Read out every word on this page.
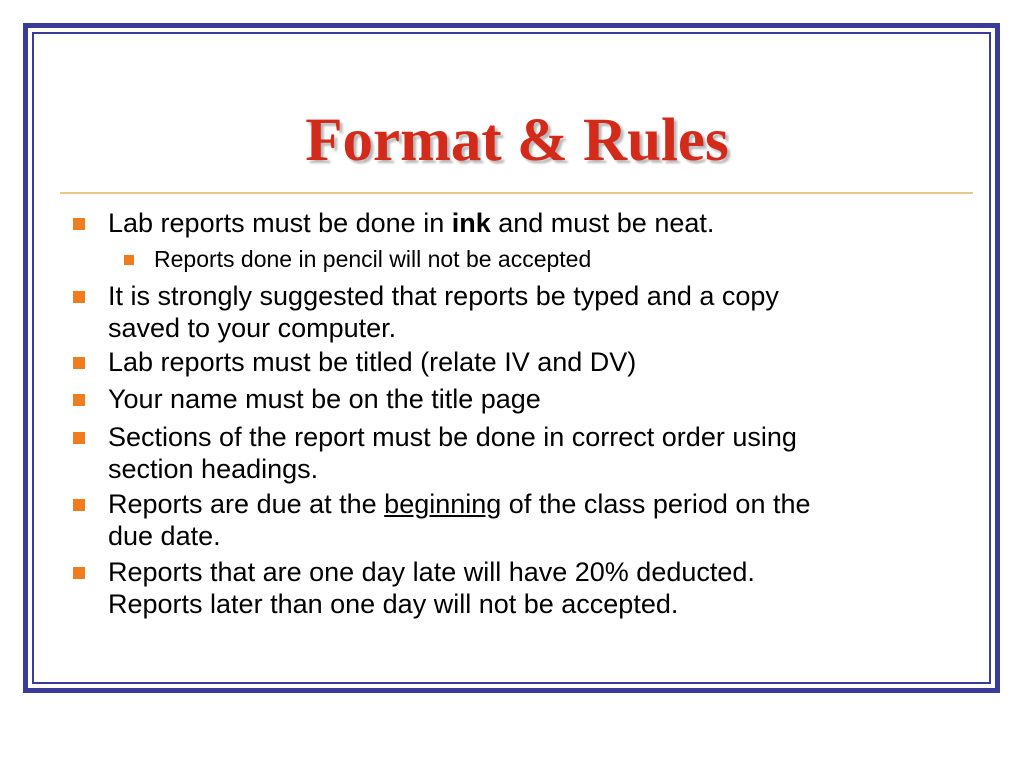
Format & Rules
Lab reports must be done in ink and must be neat.
Reports done in pencil will not be accepted
It is strongly suggested that reports be typed and a copy
saved to your computer.
Lab reports must be titled (relate IV and DV)
Your name must be on the title page
Sections of the report must be done in correct order using
section headings.
Reports are due at the beginning of the class period on the
due date.
Reports that are one day late will have 20% deducted.
Reports later than one day will not be accepted.
